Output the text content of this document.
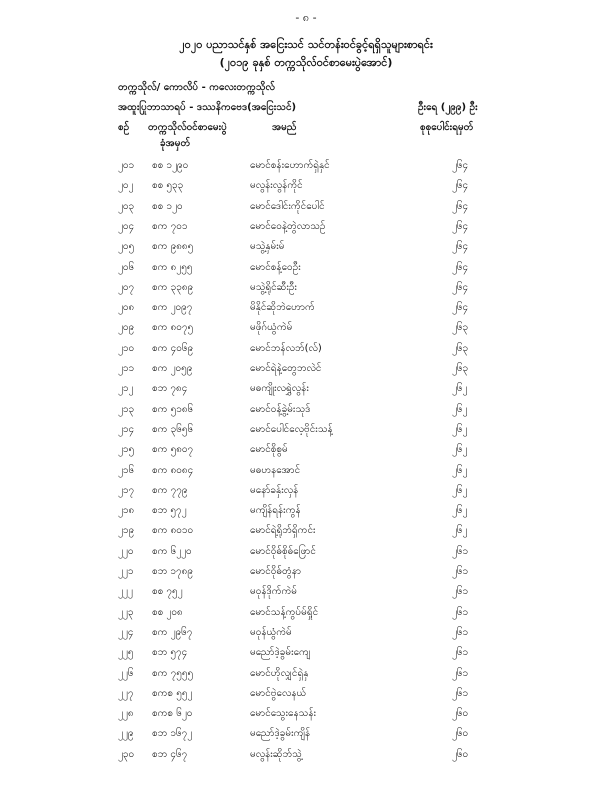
- ၈ -
၂၀၂၀ ပညာသင်နှစ် အငြေးသင် သင်တန်းဝင်ခွင့်ရရှိသူများစာရင်း
(၂၀၁၉ ခုနှစ် တက္ကသိုလ်ဝင်စာမေးပွဲအောင်)
တက္ကသိုလ်/ ကောလိပ် - ကလေးတက္ကသိုလ်
အထူးပြုဘာသာရပ် - ဒဿနိကဗေဒ(အငြေးသင်)	ဦးရေ (၂၉၉) ဦး
စဉ် တက္ကသိုလ်ဝင်စာမေးပွဲ
ခုံအမှတ်
အမည်	စုစုပေါင်းရမှတ်
၂၀၁ စစ ၁၂၉၀	မောင်စန်းဟောက်ရှဲနှင်	၂၆၄
၂၀၂ စစ ၅၃၃	မလွန်းလွန်ကိုင်	၂၆၄
၂၀၃ စစ ၁၂၀	မောင်ဒေါင်းကိုင်ပေါင်	၂၆၄
၂၀၄ စက ၇၀၁	မောင်ဝေနဲ့တွဲလာသဉ်	၂၆၄
၂၀၅ စက ၉၈၈၅	မသွဲ့နှမ်းမ်	၂၆၄
၂၀၆ စက ၈၂၅၅	မောင်စန့်ဝေဦး	၂၆၄
၂၀၇ စက ၃၃၈၉	မသွဲ့ရိုင်ဆီးဦး	၂၆၄
၂၀၈ စက ၂၀၉၇	မိနိုင်ဆိုဘဲဟောက်	၂၆၄
၂၀၉ စက ၈၀၇၅	မဖိုဂ်ယွံကဲမ်	၂၆၃
၂၁၀ စက ၄၀၆၉	မောင်ဘန်လဘ်(လ်)	၂၆၃
၂၁၁ စက ၂၀၅၉	မောင်ရဲနဲ့တွေဘလဲင်	၂၆၃
၂၁၂ စဘ ၇၈၄	မဓကျိုးလရွှဲလွန်း	၂၆၂
၂၁၃ စက ၅၁၈၆	မောင်ဝန့်ခွဲ့မ်းသုဒ်	၂၆၂
၂၁၄ စက ၃၆၅၆	မောင်ပေါင်လေ့ဗိုင်းသန့်	၂၆၂
၂၁၅ စက ၅၈၀၇	မောင်စိုစွမ်	၂၆၂
၂၁၆ စက ၈၀၈၄	မဓဟနအောင်	၂၆၂
၂၁၇ စက ၇၇၉	မနော်ခနှ်းလှန်	၂၆၂
၂၁၈ စဘ ၅၇၂	မကျိန်ရန်းကွန်	၂၆၂
၂၁၉ စက ၈၀၁၀	မောင်ရဲ့ရိုဘ်ရှိကင်း	၂၆၂
၂၂၀ စက ၆၂၂၀	မောင်ဝိုဓ်စိုဓ်ဖြောင်	၂၆၁
၂၂၁ စဘ ၁၇၈၉	မောင်ဝိုဓ်တွံနာ	၂၆၁
၂၂၂ စစ ၇၅၂	မဝုန်ဒိုက်ကဲမ်	၂၆၁
၂၂၃ စစ ၂၀၈	မောင်သန့်ကွပ်မ်ရှိုင်	၂၆၁
၂၂၄ စက ၂၉၆၇	မဝုန်ယွံကဲမ်	၂၆၁
၂၂၅ စဘ ၅၇၄	မညော်ဒဲ့ခွမ်းကျေ	၂၆၁
၂၂၆ စက ၇၅၅၅	မောင်ဟိုလျှင်ရှဲနှ	၂၆၁
၂၂၇ စကစ ၅၅၂	မောင်ဗွဲလေနယ်	၂၆၁
၂၂၈ စကစ ၆၂၀	မောင်သွေးနေသန်း	၂၆၀
၂၂၉ စဘ ၁၆၇၂	မညော်ဒဲ့ခွမ်းကျိန်	၂၆၀
၂၃၀ စဘ ၄၆၇	မလွန်းဆိုဘ်သွဲ့	၂၆၀
